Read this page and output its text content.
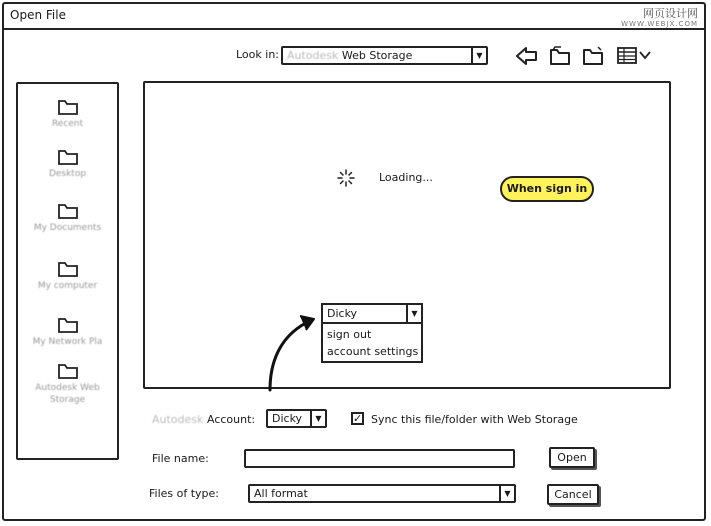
Open File	网页设计网
WWW.WEBJX.COM
Look in: Autodesk Web Storage	▼
Recent
Desktop
My Documents
My computer
My Network Pla
Autodesk Web Storage
Loading...
When sign in
Dicky	▼
sign out
account settings
Autodesk Account:	Dicky	▼	✓ Sync this file/folder with Web Storage
File name:	Open
Files of type:	All format	▼	Cancel
